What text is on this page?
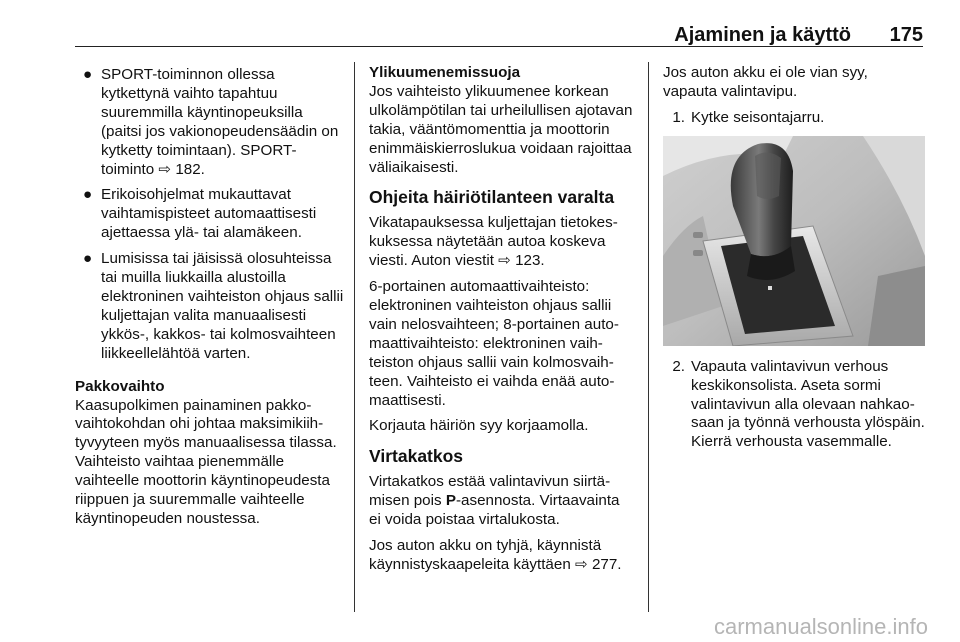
Ajaminen ja käyttö 175
● SPORT-toiminnon ollessa kytkettynä vaihto tapahtuu suuremmilla käyntinopeuksilla (paitsi jos vakionopeudensäädin on kytketty toimintaan). SPORT-toiminto ⇨ 182.
● Erikoisohjelmat mukauttavat vaihtamispisteet automaattisesti ajettaessa ylä- tai alamäkeen.
● Lumisissa tai jäisissä olosuhteissa tai muilla liukkailla alustoilla elektroninen vaihteiston ohjaus sallii kuljettajan valita manuaalisesti ykkös-, kakkos- tai kolmosvaihteen liikkeellelähtöä varten.
Pakkovaihto
Kaasupolkimen painaminen pakkovaihtokohdan ohi johtaa maksimikiihtyvyyteen myös manuaalisessa tilassa. Vaihteisto vaihtaa pienemmälle vaihteelle moottorin käyntinopeudesta riippuen ja suuremmalle vaihteelle käyntinopeuden noustessa.
Ylikuumenemissuoja
Jos vaihteisto ylikuumenee korkean ulkolämpötilan tai urheilullisen ajotavan takia, vääntömomenttia ja moottorin enimmäiskierroslukua voidaan rajoittaa väliaikaisesti.
Ohjeita häiriötilanteen varalta
Vikatapauksessa kuljettajan tietokeskuksessa näytetään autoa koskeva viesti. Auton viestit ⇨ 123.
6-portainen automaattivaihteisto: elektroninen vaihteiston ohjaus sallii vain nelosvaihteen; 8-portainen automaattivaihteisto: elektroninen vaihteiston ohjaus sallii vain kolmosvaihteen. Vaihteisto ei vaihda enää automaattisesti.
Korjauta häiriön syy korjaamolla.
Virtakatkos
Virtakatkos estää valintavivun siirtämisen pois P-asennosta. Virtaavainta ei voida poistaa virtalukosta.
Jos auton akku on tyhjä, käynnistä käynnistyskaapeleita käyttäen ⇨ 277.
Jos auton akku ei ole vian syy, vapauta valintavipu.
1. Kytke seisontajarru.
2. Vapauta valintavivun verhous keskikonsolista. Aseta sormi valintavivun alla olevaan nahkaosaan ja työnnä verhousta ylöspäin. Kierrä verhousta vasemmalle.
carmanualsonline.info
